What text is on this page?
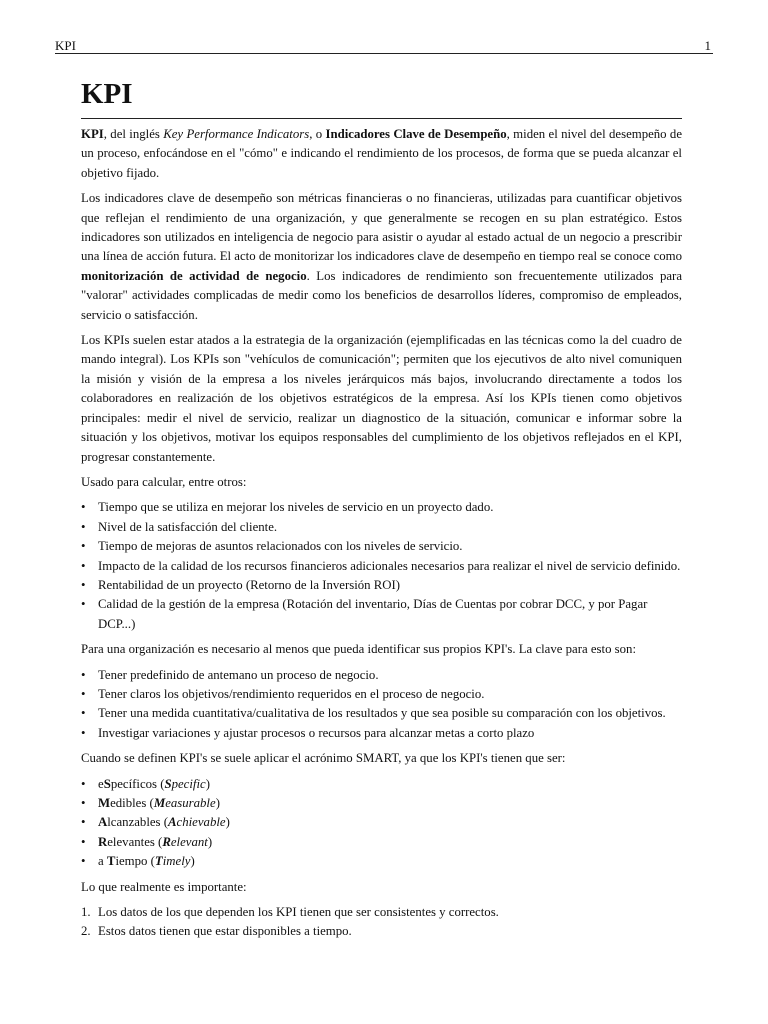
KPI	1
KPI

KPI, del inglés Key Performance Indicators, o Indicadores Clave de Desempeño, miden el nivel del desempeño de un proceso, enfocándose en el "cómo" e indicando el rendimiento de los procesos, de forma que se pueda alcanzar el objetivo fijado.

Los indicadores clave de desempeño son métricas financieras o no financieras, utilizadas para cuantificar objetivos que reflejan el rendimiento de una organización, y que generalmente se recogen en su plan estratégico. Estos indicadores son utilizados en inteligencia de negocio para asistir o ayudar al estado actual de un negocio a prescribir una línea de acción futura. El acto de monitorizar los indicadores clave de desempeño en tiempo real se conoce como monitorización de actividad de negocio. Los indicadores de rendimiento son frecuentemente utilizados para "valorar" actividades complicadas de medir como los beneficios de desarrollos líderes, compromiso de empleados, servicio o satisfacción.

Los KPIs suelen estar atados a la estrategia de la organización (ejemplificadas en las técnicas como la del cuadro de mando integral). Los KPIs son "vehículos de comunicación"; permiten que los ejecutivos de alto nivel comuniquen la misión y visión de la empresa a los niveles jerárquicos más bajos, involucrando directamente a todos los colaboradores en realización de los objetivos estratégicos de la empresa. Así los KPIs tienen como objetivos principales: medir el nivel de servicio, realizar un diagnostico de la situación, comunicar e informar sobre la situación y los objetivos, motivar los equipos responsables del cumplimiento de los objetivos reflejados en el KPI, progresar constantemente.

Usado para calcular, entre otros:

• Tiempo que se utiliza en mejorar los niveles de servicio en un proyecto dado.
• Nivel de la satisfacción del cliente.
• Tiempo de mejoras de asuntos relacionados con los niveles de servicio.
• Impacto de la calidad de los recursos financieros adicionales necesarios para realizar el nivel de servicio definido.
• Rentabilidad de un proyecto (Retorno de la Inversión ROI)
• Calidad de la gestión de la empresa (Rotación del inventario, Días de Cuentas por cobrar DCC, y por Pagar DCP...)

Para una organización es necesario al menos que pueda identificar sus propios KPI's. La clave para esto son:

• Tener predefinido de antemano un proceso de negocio.
• Tener claros los objetivos/rendimiento requeridos en el proceso de negocio.
• Tener una medida cuantitativa/cualitativa de los resultados y que sea posible su comparación con los objetivos.
• Investigar variaciones y ajustar procesos o recursos para alcanzar metas a corto plazo

Cuando se definen KPI's se suele aplicar el acrónimo SMART, ya que los KPI's tienen que ser:

• eSpecíficos (Specific)
• Medibles (Measurable)
• Alcanzables (Achievable)
• Relevantes (Relevant)
• a Tiempo (Timely)

Lo que realmente es importante:

1. Los datos de los que dependen los KPI tienen que ser consistentes y correctos.
2. Estos datos tienen que estar disponibles a tiempo.
